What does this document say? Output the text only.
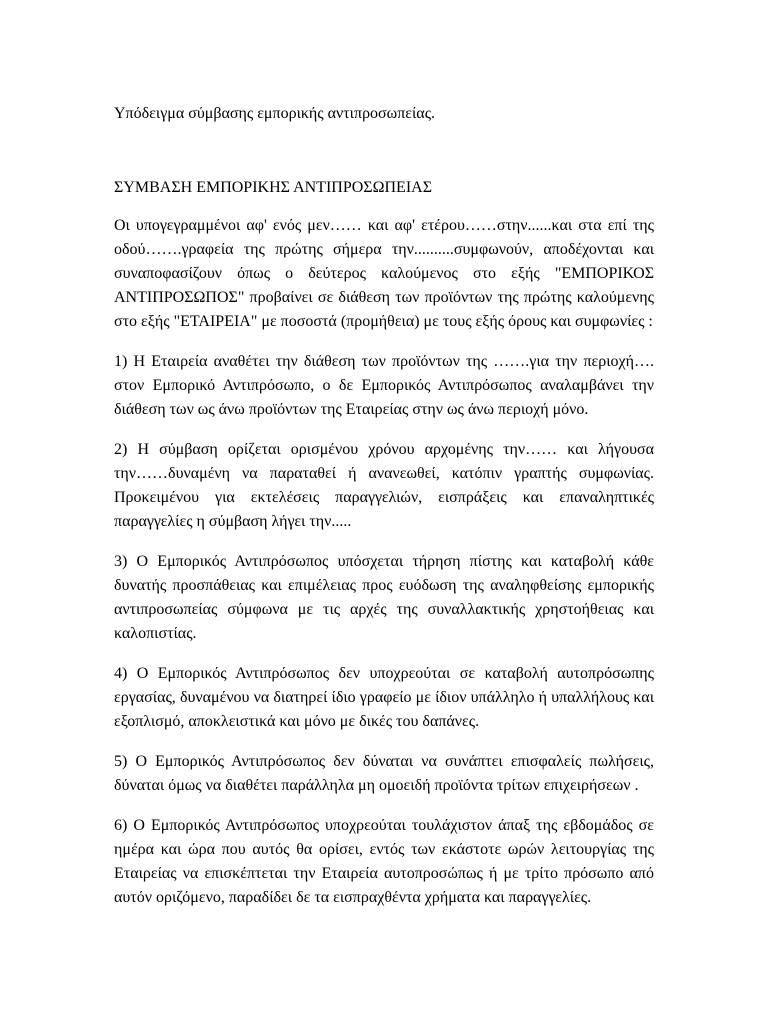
Υπόδειγμα σύμβασης εμπορικής αντιπροσωπείας.

ΣΥΜΒΑΣΗ ΕΜΠΟΡΙΚΗΣ ΑΝΤΙΠΡΟΣΩΠΕΙΑΣ

Οι υπογεγραμμένοι αφ' ενός μεν…… και αφ' ετέρου……στην......και στα επί της οδού…….γραφεία της πρώτης σήμερα την..........συμφωνούν, αποδέχονται και συναποφασίζουν όπως ο δεύτερος καλούμενος στο εξής "ΕΜΠΟΡΙΚΟΣ ΑΝΤΙΠΡΟΣΩΠΟΣ" προβαίνει σε διάθεση των προϊόντων της πρώτης καλούμενης στο εξής "ΕΤΑΙΡΕΙΑ" με ποσοστά (προμήθεια) με τους εξής όρους και συμφωνίες :

1) Η Εταιρεία αναθέτει την διάθεση των προϊόντων της …….για την περιοχή…. στον Εμπορικό Αντιπρόσωπο, ο δε Εμπορικός Αντιπρόσωπος αναλαμβάνει την διάθεση των ως άνω προϊόντων της Εταιρείας στην ως άνω περιοχή μόνο.

2) Η σύμβαση ορίζεται ορισμένου χρόνου αρχομένης την…… και λήγουσα την……δυναμένη να παραταθεί ή ανανεωθεί, κατόπιν γραπτής συμφωνίας. Προκειμένου για εκτελέσεις παραγγελιών, εισπράξεις και επαναληπτικές παραγγελίες η σύμβαση λήγει την.....

3) Ο Εμπορικός Αντιπρόσωπος υπόσχεται τήρηση πίστης και καταβολή κάθε δυνατής προσπάθειας και επιμέλειας προς ευόδωση της αναληφθείσης εμπορικής αντιπροσωπείας σύμφωνα με τις αρχές της συναλλακτικής χρηστοήθειας και καλοπιστίας.

4) Ο Εμπορικός Αντιπρόσωπος δεν υποχρεούται σε καταβολή αυτοπρόσωπης εργασίας, δυναμένου να διατηρεί ίδιο γραφείο με ίδιον υπάλληλο ή υπαλλήλους και εξοπλισμό, αποκλειστικά και μόνο με δικές του δαπάνες.

5) Ο Εμπορικός Αντιπρόσωπος δεν δύναται να συνάπτει επισφαλείς πωλήσεις, δύναται όμως να διαθέτει παράλληλα μη ομοειδή προϊόντα τρίτων επιχειρήσεων .

6) Ο Εμπορικός Αντιπρόσωπος υποχρεούται τουλάχιστον άπαξ της εβδομάδος σε ημέρα και ώρα που αυτός θα ορίσει, εντός των εκάστοτε ωρών λειτουργίας της Εταιρείας να επισκέπτεται την Εταιρεία αυτοπροσώπως ή με τρίτο πρόσωπο από αυτόν οριζόμενο, παραδίδει δε τα εισπραχθέντα χρήματα και παραγγελίες.
